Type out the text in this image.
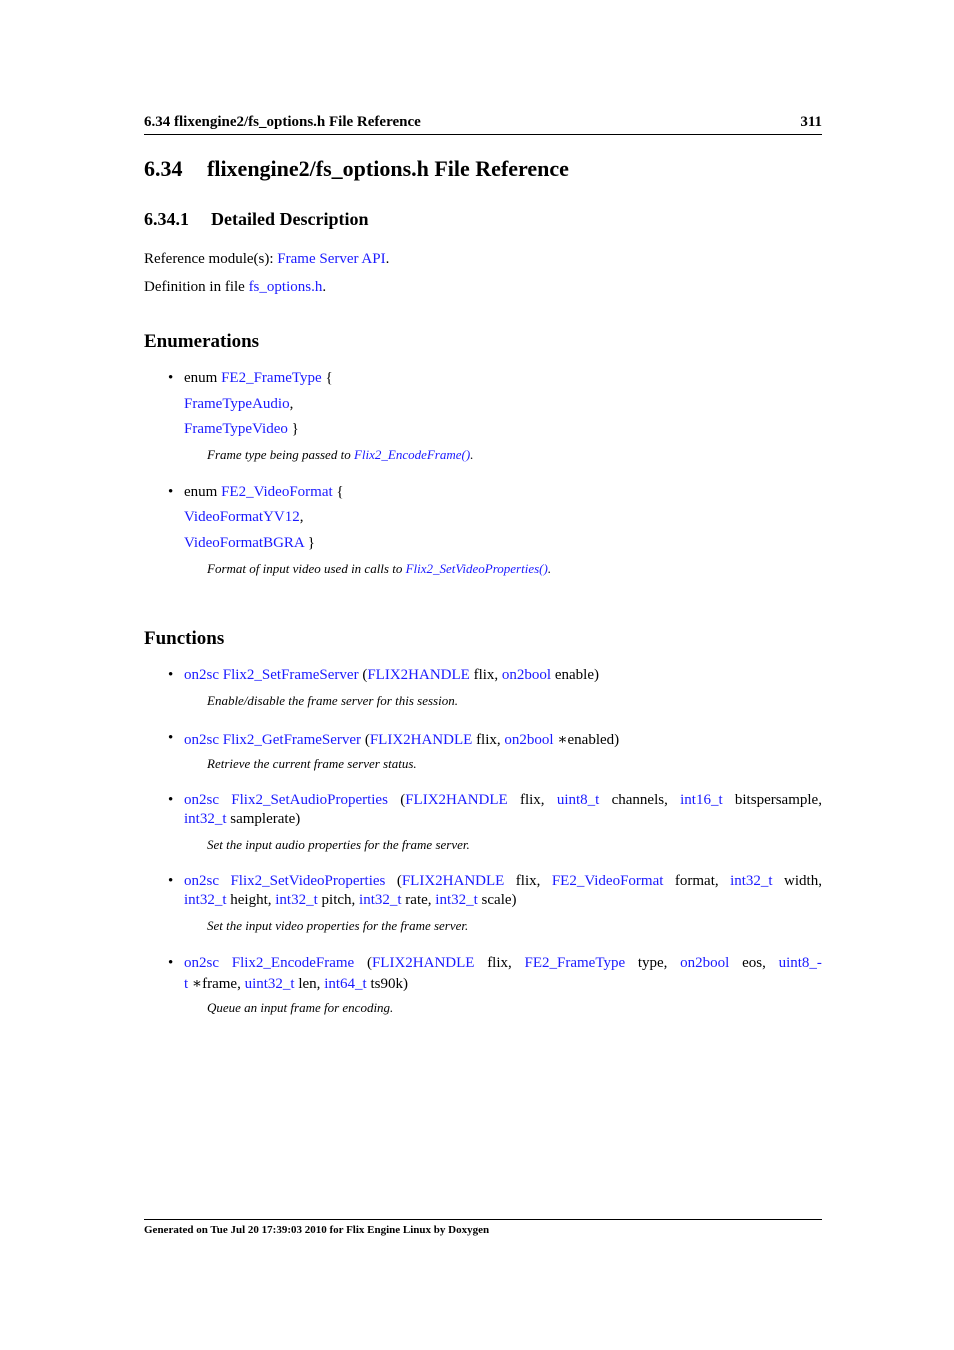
6.34 flixengine2/fs_options.h File Reference	311
6.34 flixengine2/fs_options.h File Reference
6.34.1 Detailed Description
Reference module(s): Frame Server API.
Definition in file fs_options.h.
Enumerations
• enum FE2_FrameType {
FrameTypeAudio,
FrameTypeVideo }
Frame type being passed to Flix2_EncodeFrame().
• enum FE2_VideoFormat {
VideoFormatYV12,
VideoFormatBGRA }
Format of input video used in calls to Flix2_SetVideoProperties().
Functions
• on2sc Flix2_SetFrameServer (FLIX2HANDLE flix, on2bool enable)
Enable/disable the frame server for this session.
• on2sc Flix2_GetFrameServer (FLIX2HANDLE flix, on2bool ∗enabled)
Retrieve the current frame server status.
• on2sc Flix2_SetAudioProperties (FLIX2HANDLE flix, uint8_t channels, int16_t bitspersample,
int32_t samplerate)
Set the input audio properties for the frame server.
• on2sc Flix2_SetVideoProperties (FLIX2HANDLE flix, FE2_VideoFormat format, int32_t width,
int32_t height, int32_t pitch, int32_t rate, int32_t scale)
Set the input video properties for the frame server.
• on2sc Flix2_EncodeFrame (FLIX2HANDLE flix, FE2_FrameType type, on2bool eos, uint8_-
t ∗frame, uint32_t len, int64_t ts90k)
Queue an input frame for encoding.
Generated on Tue Jul 20 17:39:03 2010 for Flix Engine Linux by Doxygen
